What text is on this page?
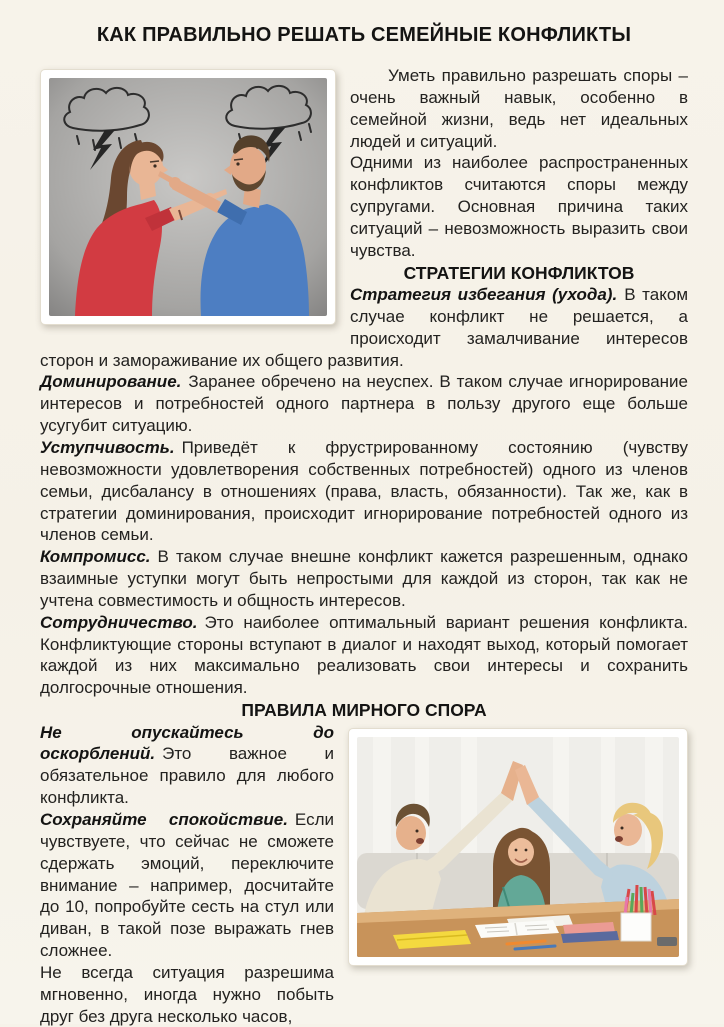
КАК ПРАВИЛЬНО РЕШАТЬ СЕМЕЙНЫЕ КОНФЛИКТЫ

Уметь правильно разрешать споры – очень важный навык, особенно в семейной жизни, ведь нет идеальных людей и ситуаций.

Одними из наиболее распространенных конфликтов считаются споры между супругами. Основная причина таких ситуаций – невозможность выразить свои чувства.

СТРАТЕГИИ КОНФЛИКТОВ

Стратегия избегания (ухода). В таком случае конфликт не решается, а происходит замалчивание интересов сторон и замораживание их общего развития.

Доминирование. Заранее обречено на неуспех. В таком случае игнорирование интересов и потребностей одного партнера в пользу другого еще больше усугубит ситуацию.

Уступчивость. Приведёт к фрустрированному состоянию (чувству невозможности удовлетворения собственных потребностей) одного из членов семьи, дисбалансу в отношениях (права, власть, обязанности). Так же, как в стратегии доминирования, происходит игнорирование потребностей одного из членов семьи.

Компромисс. В таком случае внешне конфликт кажется разрешенным, однако взаимные уступки могут быть непростыми для каждой из сторон, так как не учтена совместимость и общность интересов.

Сотрудничество. Это наиболее оптимальный вариант решения конфликта. Конфликтующие стороны вступают в диалог и находят выход, который помогает каждой из них максимально реализовать свои интересы и сохранить долгосрочные отношения.

ПРАВИЛА МИРНОГО СПОРА

Не опускайтесь до оскорблений. Это важное и обязательное правило для любого конфликта.

Сохраняйте спокойствие. Если чувствуете, что сейчас не сможете сдержать эмоций, переключите внимание – например, досчитайте до 10, попробуйте сесть на стул или диван, в такой позе выражать гнев сложнее.

Не всегда ситуация разрешима мгновенно, иногда нужно побыть друг без друга несколько часов,
